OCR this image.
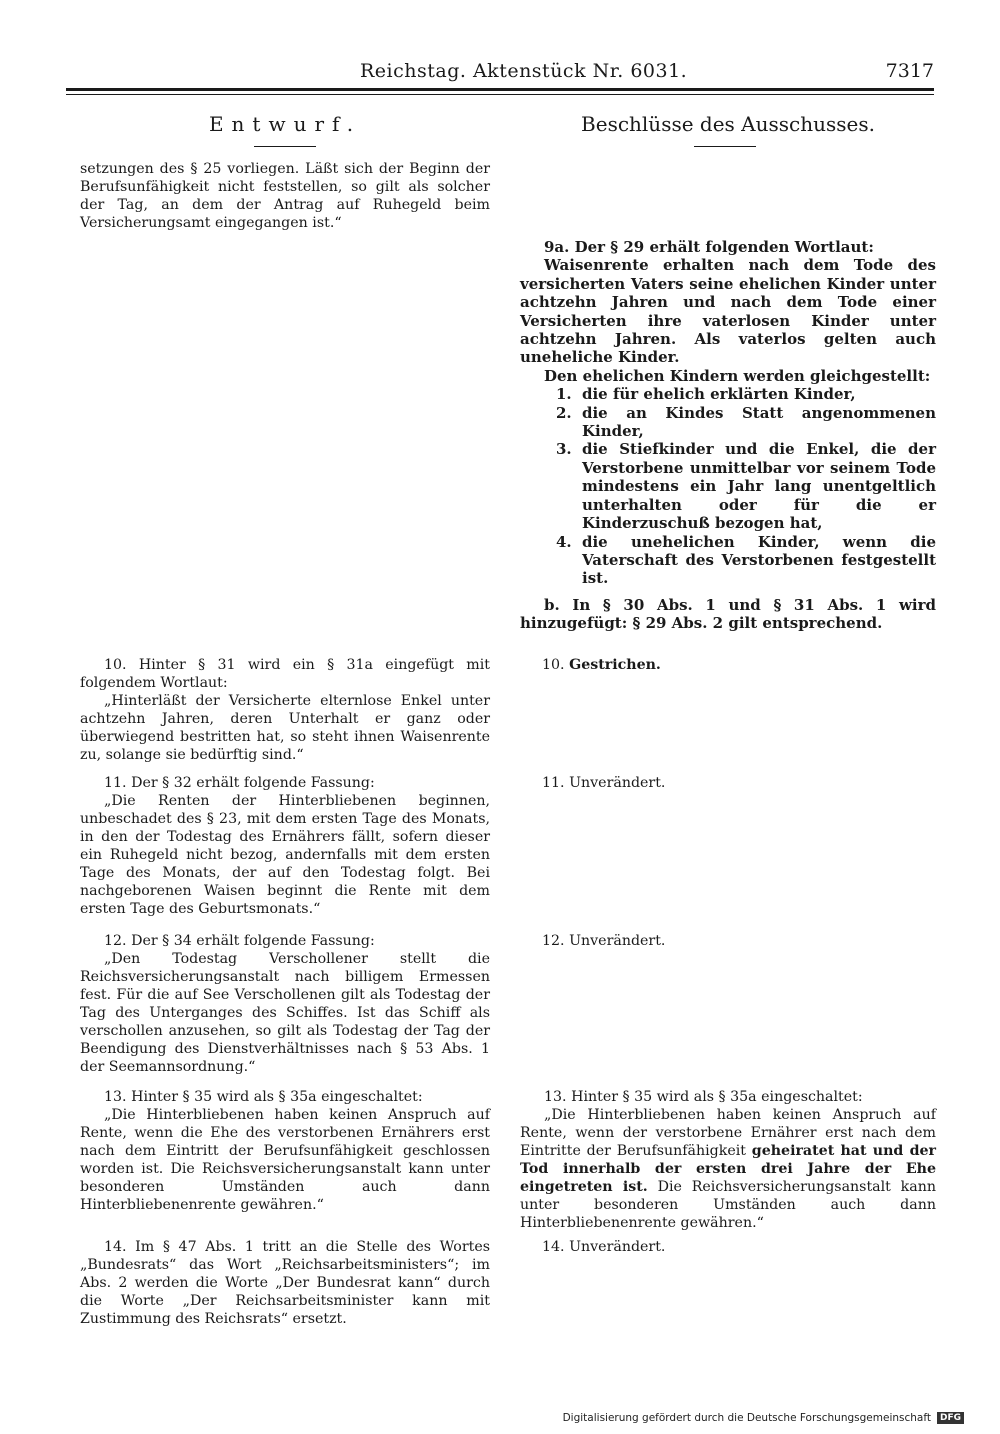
Reichstag. Aktenstück Nr. 6031.	7317
Entwurf.

setzungen des § 25 vorliegen. Läßt sich der Beginn der Berufsunfähigkeit nicht feststellen, so gilt als solcher der Tag, an dem der Antrag auf Ruhegeld beim Versicherungsamt eingegangen ist.“

10. Hinter § 31 wird ein § 31a eingefügt mit folgendem Wortlaut:

„Hinterläßt der Versicherte elternlose Enkel unter achtzehn Jahren, deren Unterhalt er ganz oder überwiegend bestritten hat, so steht ihnen Waisenrente zu, solange sie bedürftig sind.“

11. Der § 32 erhält folgende Fassung:

„Die Renten der Hinterbliebenen beginnen, unbeschadet des § 23, mit dem ersten Tage des Monats, in den der Todestag des Ernährers fällt, sofern dieser ein Ruhegeld nicht bezog, andernfalls mit dem ersten Tage des Monats, der auf den Todestag folgt. Bei nachgeborenen Waisen beginnt die Rente mit dem ersten Tage des Geburtsmonats.“

12. Der § 34 erhält folgende Fassung:

„Den Todestag Verschollener stellt die Reichsversicherungsanstalt nach billigem Ermessen fest. Für die auf See Verschollenen gilt als Todestag der Tag des Unterganges des Schiffes. Ist das Schiff als verschollen anzusehen, so gilt als Todestag der Tag der Beendigung des Dienstverhältnisses nach § 53 Abs. 1 der Seemannsordnung.“

13. Hinter § 35 wird als § 35a eingeschaltet:

„Die Hinterbliebenen haben keinen Anspruch auf Rente, wenn die Ehe des verstorbenen Ernährers erst nach dem Eintritt der Berufsunfähigkeit geschlossen worden ist. Die Reichsversicherungsanstalt kann unter besonderen Umständen auch dann Hinterbliebenenrente gewähren.“

14. Im § 47 Abs. 1 tritt an die Stelle des Wortes „Bundesrats“ das Wort „Reichsarbeitsministers“; im Abs. 2 werden die Worte „Der Bundesrat kann“ durch die Worte „Der Reichsarbeitsminister kann mit Zustimmung des Reichsrats“ ersetzt.

Beschlüsse des Ausschusses.

9a. Der § 29 erhält folgenden Wortlaut:

Waisenrente erhalten nach dem Tode des versicherten Vaters seine ehelichen Kinder unter achtzehn Jahren und nach dem Tode einer Versicherten ihre vaterlosen Kinder unter achtzehn Jahren. Als vaterlos gelten auch uneheliche Kinder.

Den ehelichen Kindern werden gleichgestellt:

1. die für ehelich erklärten Kinder,
2. die an Kindes Statt angenommenen Kinder,
3. die Stiefkinder und die Enkel, die der Verstorbene unmittelbar vor seinem Tode mindestens ein Jahr lang unentgeltlich unterhalten oder für die er Kinderzuschuß bezogen hat,
4. die unehelichen Kinder, wenn die Vaterschaft des Verstorbenen festgestellt ist.

b. In § 30 Abs. 1 und § 31 Abs. 1 wird hinzugefügt: § 29 Abs. 2 gilt entsprechend.

10. Gestrichen.
11. Unverändert.
12. Unverändert.

13. Hinter § 35 wird als § 35a eingeschaltet:

„Die Hinterbliebenen haben keinen Anspruch auf Rente, wenn der verstorbene Ernährer erst nach dem Eintritte der Berufsunfähigkeit geheiratet hat und der Tod innerhalb der ersten drei Jahre der Ehe eingetreten ist. Die Reichsversicherungsanstalt kann unter besonderen Umständen auch dann Hinterbliebenenrente gewähren.“

14. Unverändert.
Digitalisierung gefördert durch die Deutsche Forschungsgemeinschaft	DFG
